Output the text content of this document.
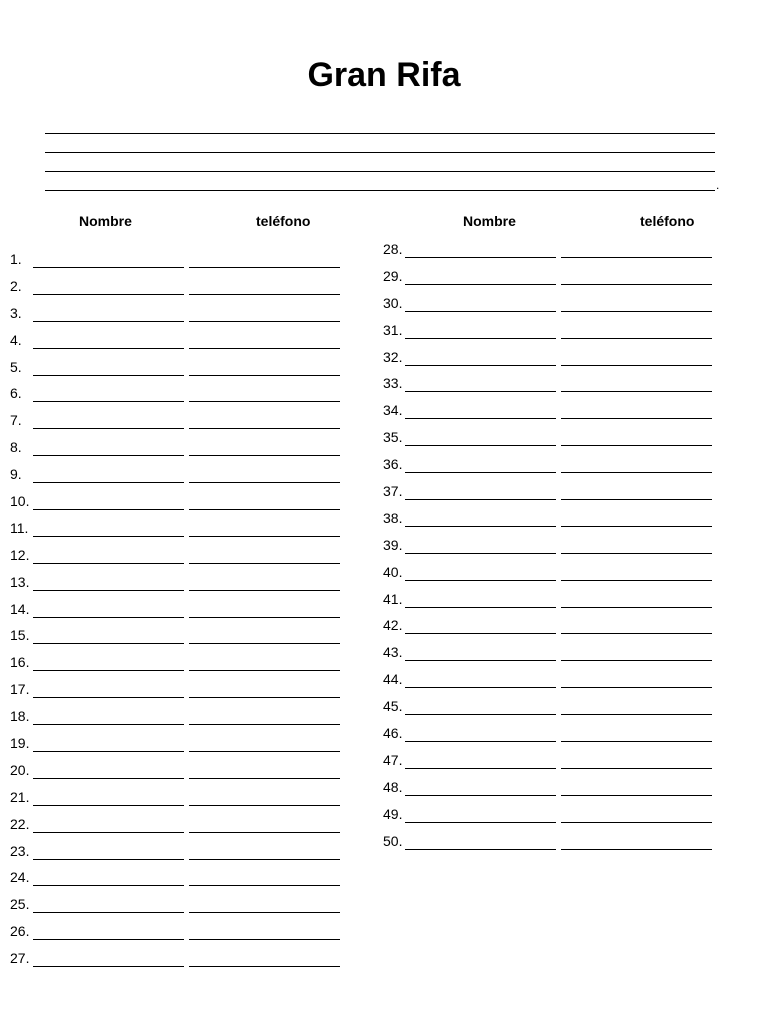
Gran Rifa
.
Nombre	teléfono	Nombre	teléfono
1.
2.
3.
4.
5.
6.
7.
8.
9.
10.
11.
12.
13.
14.
15.
16.
17.
18.
19.
20.
21.
22.
23.
24.
25.
26.
27.
28.
29.
30.
31.
32.
33.
34.
35.
36.
37.
38.
39.
40.
41.
42.
43.
44.
45.
46.
47.
48.
49.
50.
